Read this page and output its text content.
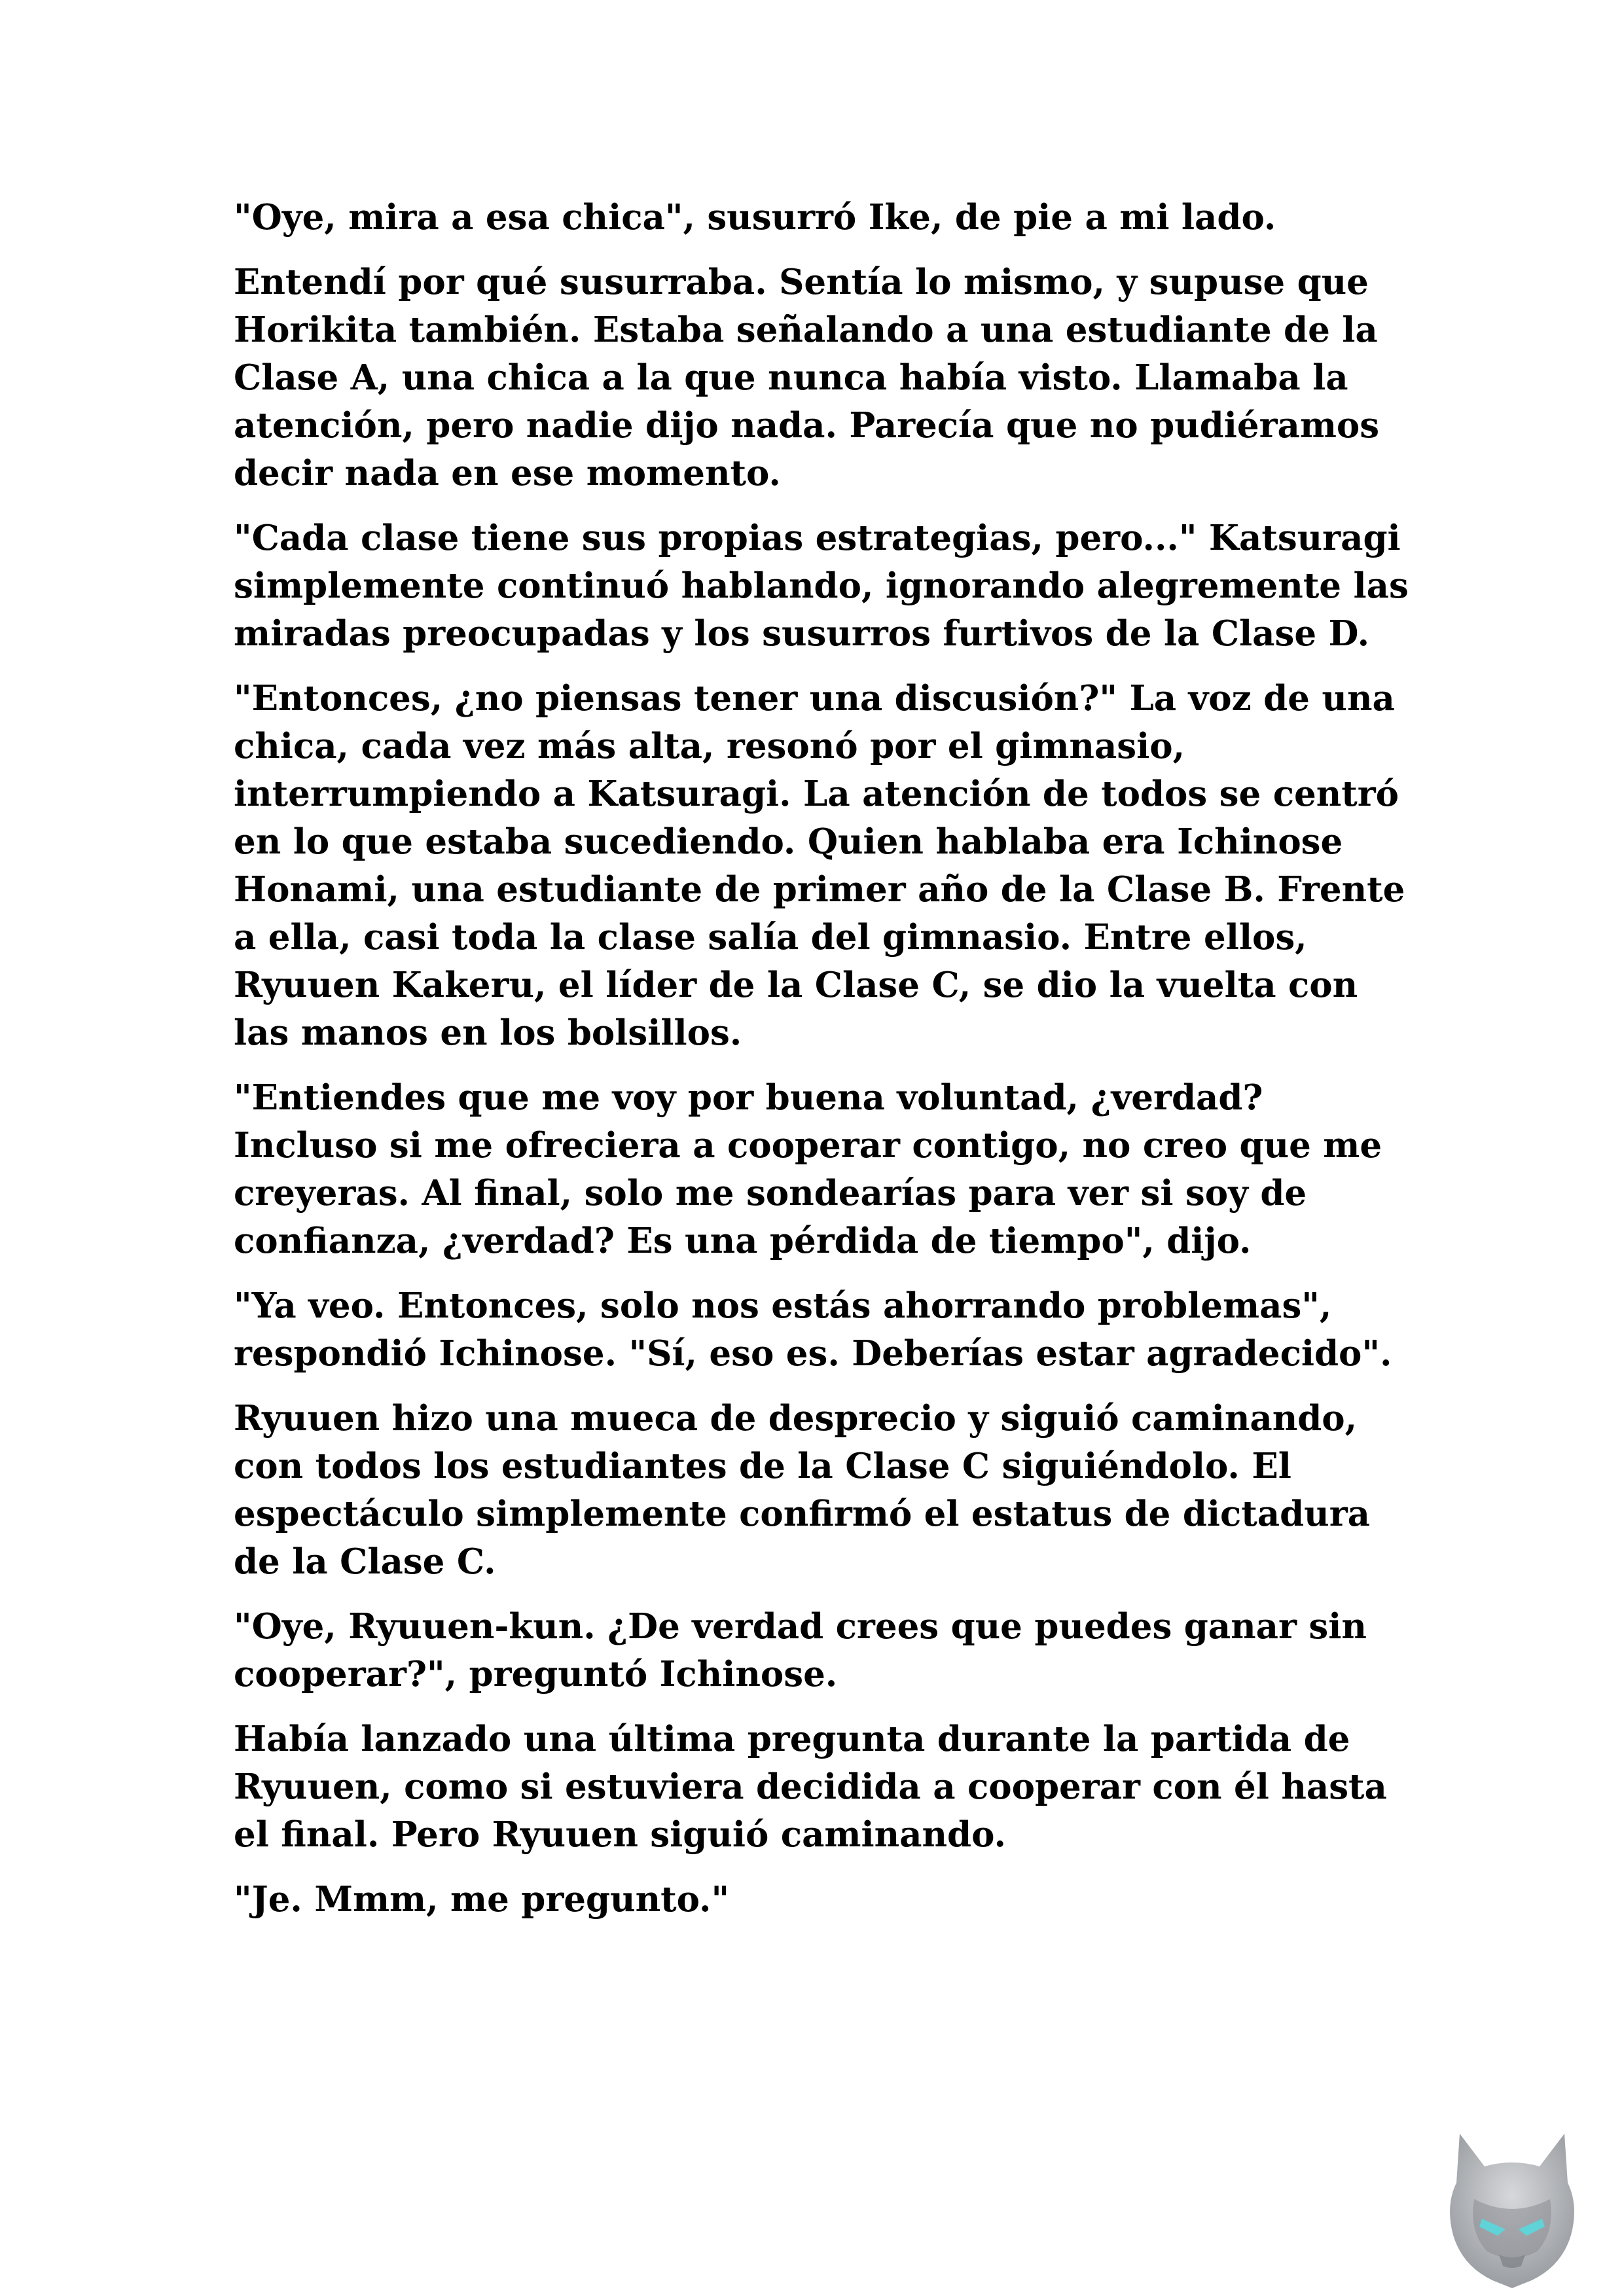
"Oye, mira a esa chica", susurró Ike, de pie a mi lado.

Entendí por qué susurraba. Sentía lo mismo, y supuse que Horikita también. Estaba señalando a una estudiante de la Clase A, una chica a la que nunca había visto. Llamaba la atención, pero nadie dijo nada. Parecía que no pudiéramos decir nada en ese momento.

"Cada clase tiene sus propias estrategias, pero..." Katsuragi simplemente continuó hablando, ignorando alegremente las miradas preocupadas y los susurros furtivos de la Clase D.

"Entonces, ¿no piensas tener una discusión?" La voz de una chica, cada vez más alta, resonó por el gimnasio, interrumpiendo a Katsuragi. La atención de todos se centró en lo que estaba sucediendo. Quien hablaba era Ichinose Honami, una estudiante de primer año de la Clase B. Frente a ella, casi toda la clase salía del gimnasio. Entre ellos, Ryuuen Kakeru, el líder de la Clase C, se dio la vuelta con las manos en los bolsillos.

"Entiendes que me voy por buena voluntad, ¿verdad? Incluso si me ofreciera a cooperar contigo, no creo que me creyeras. Al final, solo me sondearías para ver si soy de confianza, ¿verdad? Es una pérdida de tiempo", dijo.

"Ya veo. Entonces, solo nos estás ahorrando problemas", respondió Ichinose. "Sí, eso es. Deberías estar agradecido".

Ryuuen hizo una mueca de desprecio y siguió caminando, con todos los estudiantes de la Clase C siguiéndolo. El espectáculo simplemente confirmó el estatus de dictadura de la Clase C.

"Oye, Ryuuen-kun. ¿De verdad crees que puedes ganar sin cooperar?", preguntó Ichinose.

Había lanzado una última pregunta durante la partida de Ryuuen, como si estuviera decidida a cooperar con él hasta el final. Pero Ryuuen siguió caminando.

"Je. Mmm, me pregunto."
